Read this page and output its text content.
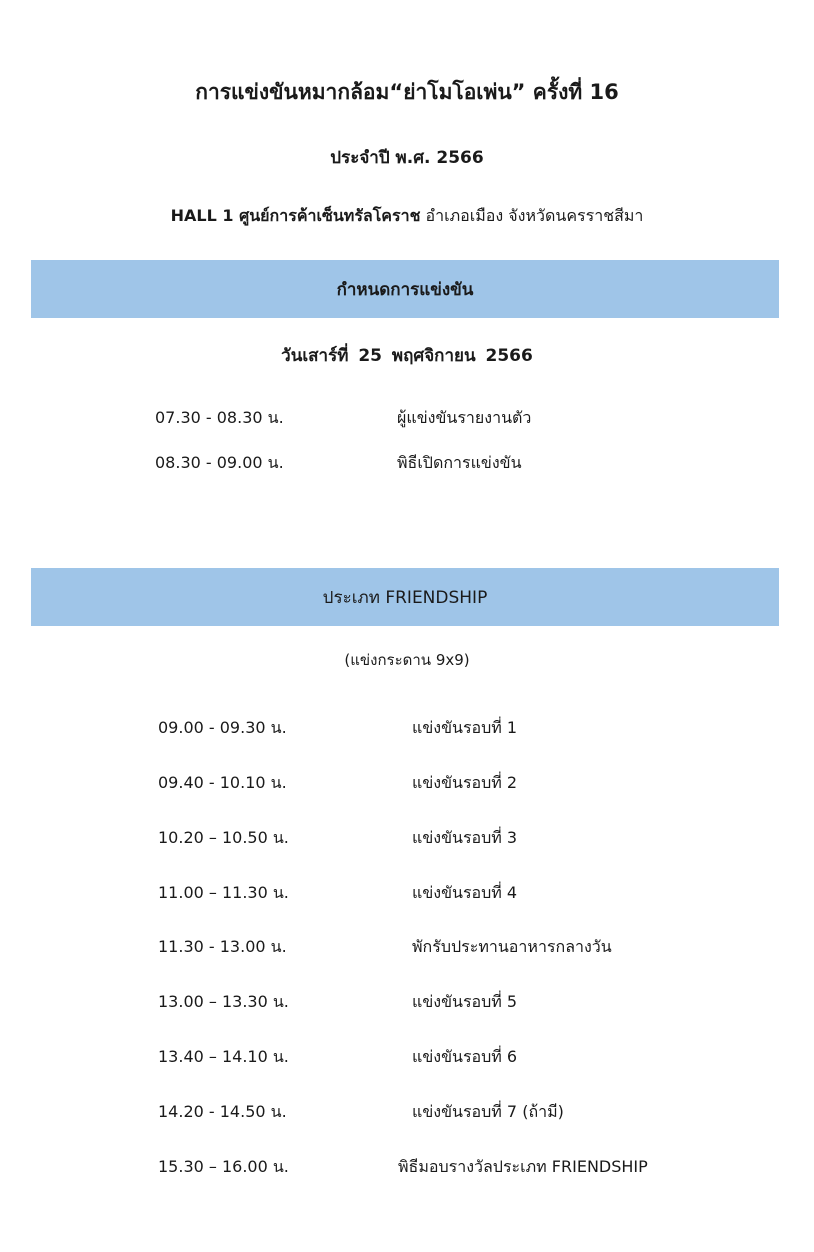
การแข่งขันหมากล้อม“ย่าโมโอเพ่น” ครั้งที่ 16
ประจำปี พ.ศ. 2566
HALL 1 ศูนย์การค้าเซ็นทรัลโคราช อำเภอเมือง จังหวัดนครราชสีมา
กำหนดการแข่งขัน
วันเสาร์ที่ 25 พฤศจิกายน 2566
07.30 - 08.30 น.	ผู้แข่งขันรายงานตัว
08.30 - 09.00 น.	พิธีเปิดการแข่งขัน
ประเภท FRIENDSHIP
(แข่งกระดาน 9x9)
09.00 - 09.30 น.	แข่งขันรอบที่ 1
09.40 - 10.10 น.	แข่งขันรอบที่ 2
10.20 – 10.50 น.	แข่งขันรอบที่ 3
11.00 – 11.30 น.	แข่งขันรอบที่ 4
11.30 - 13.00 น.	พักรับประทานอาหารกลางวัน
13.00 – 13.30 น.	แข่งขันรอบที่ 5
13.40 – 14.10 น.	แข่งขันรอบที่ 6
14.20 - 14.50 น.	แข่งขันรอบที่ 7 (ถ้ามี)
15.30 – 16.00 น.	พิธีมอบรางวัลประเภท FRIENDSHIP
